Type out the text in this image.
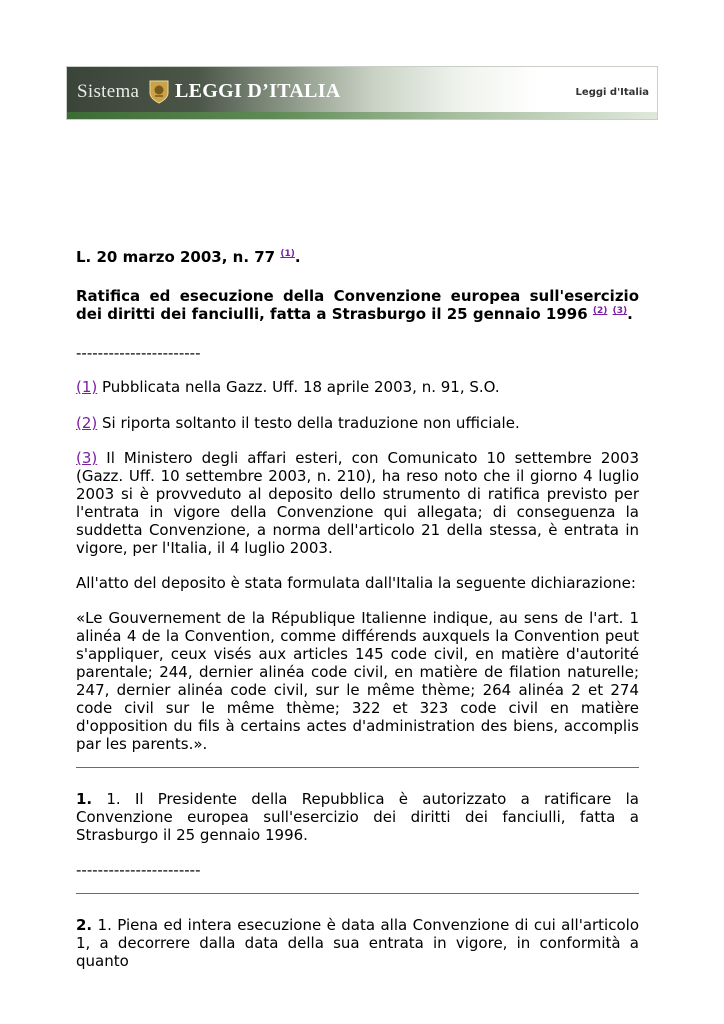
Sistema LEGGI D’ITALIA	Leggi d'Italia

L. 20 marzo 2003, n. 77 $^{(1)}$.

Ratifica ed esecuzione della Convenzione europea sull'esercizio dei diritti dei fanciulli, fatta a Strasburgo il 25 gennaio 1996 $^{(2)}$ $^{(3)}$.

-----------------------

(1) Pubblicata nella Gazz. Uff. 18 aprile 2003, n. 91, S.O.

(2) Si riporta soltanto il testo della traduzione non ufficiale.

(3) Il Ministero degli affari esteri, con Comunicato 10 settembre 2003 (Gazz. Uff. 10 settembre 2003, n. 210), ha reso noto che il giorno 4 luglio 2003 si è provveduto al deposito dello strumento di ratifica previsto per l'entrata in vigore della Convenzione qui allegata; di conseguenza la suddetta Convenzione, a norma dell'articolo 21 della stessa, è entrata in vigore, per l'Italia, il 4 luglio 2003.

All'atto del deposito è stata formulata dall'Italia la seguente dichiarazione:

«Le Gouvernement de la République Italienne indique, au sens de l'art. 1 alinéa 4 de la Convention, comme différends auxquels la Convention peut s'appliquer, ceux visés aux articles 145 code civil, en matière d'autorité parentale; 244, dernier alinéa code civil, en matière de filation naturelle; 247, dernier alinéa code civil, sur le même thème; 264 alinéa 2 et 274 code civil sur le même thème; 322 et 323 code civil en matière d'opposition du fils à certains actes d'administration des biens, accomplis par les parents.».

1. 1. Il Presidente della Repubblica è autorizzato a ratificare la Convenzione europea sull'esercizio dei diritti dei fanciulli, fatta a Strasburgo il 25 gennaio 1996.

-----------------------

2. 1. Piena ed intera esecuzione è data alla Convenzione di cui all'articolo 1, a decorrere dalla data della sua entrata in vigore, in conformità a quanto
